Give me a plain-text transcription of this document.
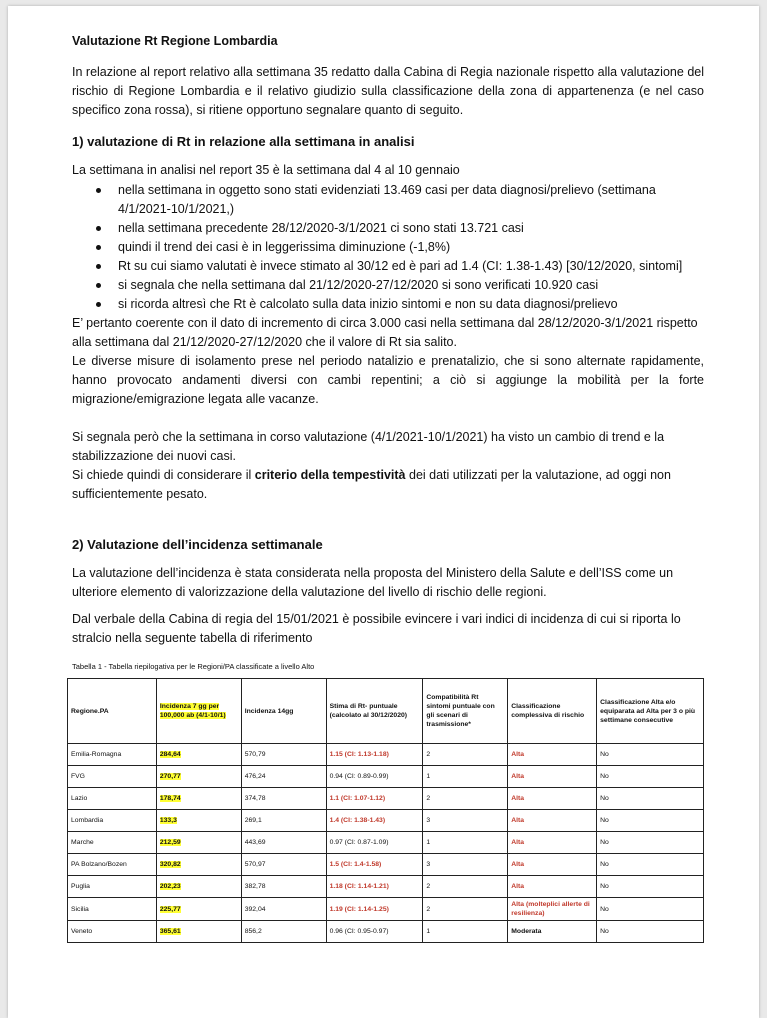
Valutazione Rt Regione Lombardia

In relazione al report relativo alla settimana 35 redatto dalla Cabina di Regia nazionale rispetto alla valutazione del rischio di Regione Lombardia e il relativo giudizio sulla classificazione della zona di appartenenza (e nel caso specifico zona rossa), si ritiene opportuno segnalare quanto di seguito.

1) valutazione di Rt in relazione alla settimana in analisi

La settimana in analisi nel report 35 è la settimana dal 4 al 10 gennaio

nella settimana in oggetto sono stati evidenziati 13.469 casi per data diagnosi/prelievo (settimana 4/1/2021-10/1/2021,)
nella settimana precedente 28/12/2020-3/1/2021 ci sono stati 13.721 casi
quindi il trend dei casi è in leggerissima diminuzione (-1,8%)
Rt su cui siamo valutati è invece stimato al 30/12 ed è pari ad 1.4 (CI: 1.38-1.43) [30/12/2020, sintomi]
si segnala che nella settimana dal 21/12/2020-27/12/2020 si sono verificati 10.920 casi
si ricorda altresì che Rt è calcolato sulla data inizio sintomi e non su data diagnosi/prelievo

E’ pertanto coerente con il dato di incremento di circa 3.000 casi nella settimana dal 28/12/2020-3/1/2021 rispetto alla settimana dal 21/12/2020-27/12/2020 che il valore di Rt sia salito.

Le diverse misure di isolamento prese nel periodo natalizio e prenatalizio, che si sono alternate rapidamente, hanno provocato andamenti diversi con cambi repentini; a ciò si aggiunge la mobilità per la forte migrazione/emigrazione legata alle vacanze.

Si segnala però che la settimana in corso valutazione (4/1/2021-10/1/2021) ha visto un cambio di trend e la stabilizzazione dei nuovi casi.

Si chiede quindi di considerare il criterio della tempestività dei dati utilizzati per la valutazione, ad oggi non sufficientemente pesato.

2) Valutazione dell’incidenza settimanale

La valutazione dell’incidenza è stata considerata nella proposta del Ministero della Salute e dell’ISS come un ulteriore elemento di valorizzazione della valutazione del livello di rischio delle regioni.

Dal verbale della Cabina di regia del 15/01/2021 è possibile evincere i vari indici di incidenza di cui si riporta lo stralcio nella seguente tabella di riferimento

Tabella 1 - Tabella riepilogativa per le Regioni/PA classificate a livello Alto
Regione.PA	Incidenza 7 gg per 100,000 ab (4/1-10/1)	Incidenza 14gg	Stima di Rt- puntuale (calcolato al 30/12/2020)	Compatibilità Rt sintomi puntuale con gli scenari di trasmissione*	Classificazione complessiva di rischio	Classificazione Alta e/o equiparata ad Alta per 3 o più settimane consecutive
Emilia-Romagna	284,64	570,79	1.15 (CI: 1.13-1.18)	2	Alta	No
FVG	270,77	476,24	0.94 (CI: 0.89-0.99)	1	Alta	No
Lazio	178,74	374,78	1.1 (CI: 1.07-1.12)	2	Alta	No
Lombardia	133,3	269,1	1.4 (CI: 1.38-1.43)	3	Alta	No
Marche	212,59	443,69	0.97 (CI: 0.87-1.09)	1	Alta	No
PA Bolzano/Bozen	320,82	570,97	1.5 (CI: 1.4-1.58)	3	Alta	No
Puglia	202,23	382,78	1.18 (CI: 1.14-1.21)	2	Alta	No
Sicilia	225,77	392,04	1.19 (CI: 1.14-1.25)	2	Alta (molteplici allerte di resilienza)	No
Veneto	365,61	856,2	0.96 (CI: 0.95-0.97)	1	Moderata	No
